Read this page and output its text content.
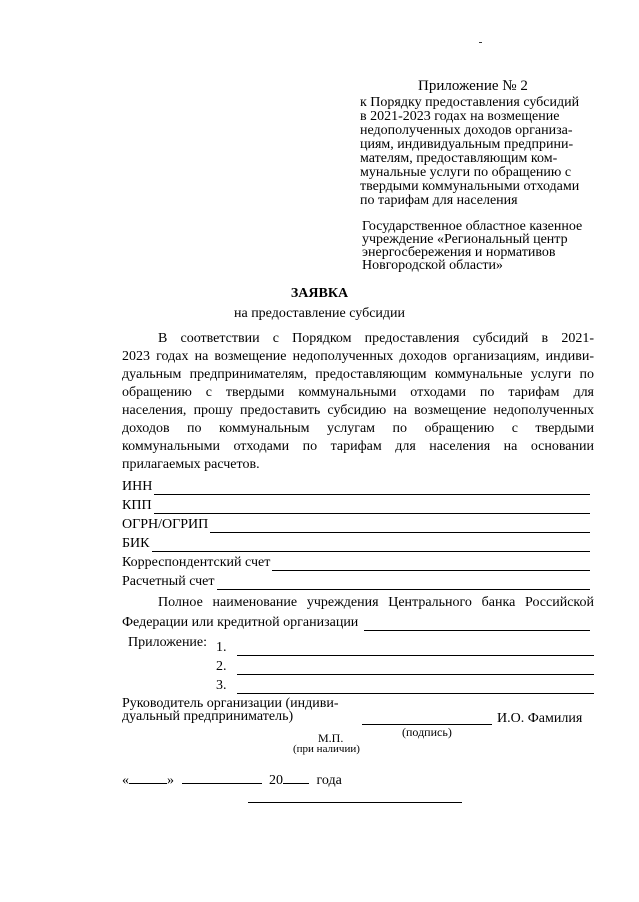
Приложение № 2
к Порядку предоставления субсидий
в 2021-2023 годах на возмещение
недополученных доходов организа-
циям, индивидуальным предприни-
мателям, предоставляющим ком-
мунальные услуги по обращению с
твердыми коммунальными отходами
по тарифам для населения
Государственное областное казенное
учреждение «Региональный центр
энергосбережения и нормативов
Новгородской области»
ЗАЯВКА
на предоставление субсидии
В соответствии с Порядком предоставления субсидий в 2021-
2023 годах на возмещение недополученных доходов организациям, индиви-
дуальным предпринимателям, предоставляющим коммунальные услуги по
обращению с твердыми коммунальными отходами по тарифам для
населения, прошу предоставить субсидию на возмещение недополученных
доходов по коммунальным услугам по обращению с твердыми
коммунальными отходами по тарифам для населения на основании
прилагаемых расчетов.
ИНН
КПП
ОГРН/ОГРИП
БИК
Корреспондентский счет
Расчетный счет
Полное наименование учреждения Центрального банка Российской
Федерации или кредитной организации
Приложение: 1.
2.
3.
Руководитель организации (индиви-
дуальный предприниматель)
(подпись)
И.О. Фамилия
М.П.
(при наличии)
«	»	20 года
